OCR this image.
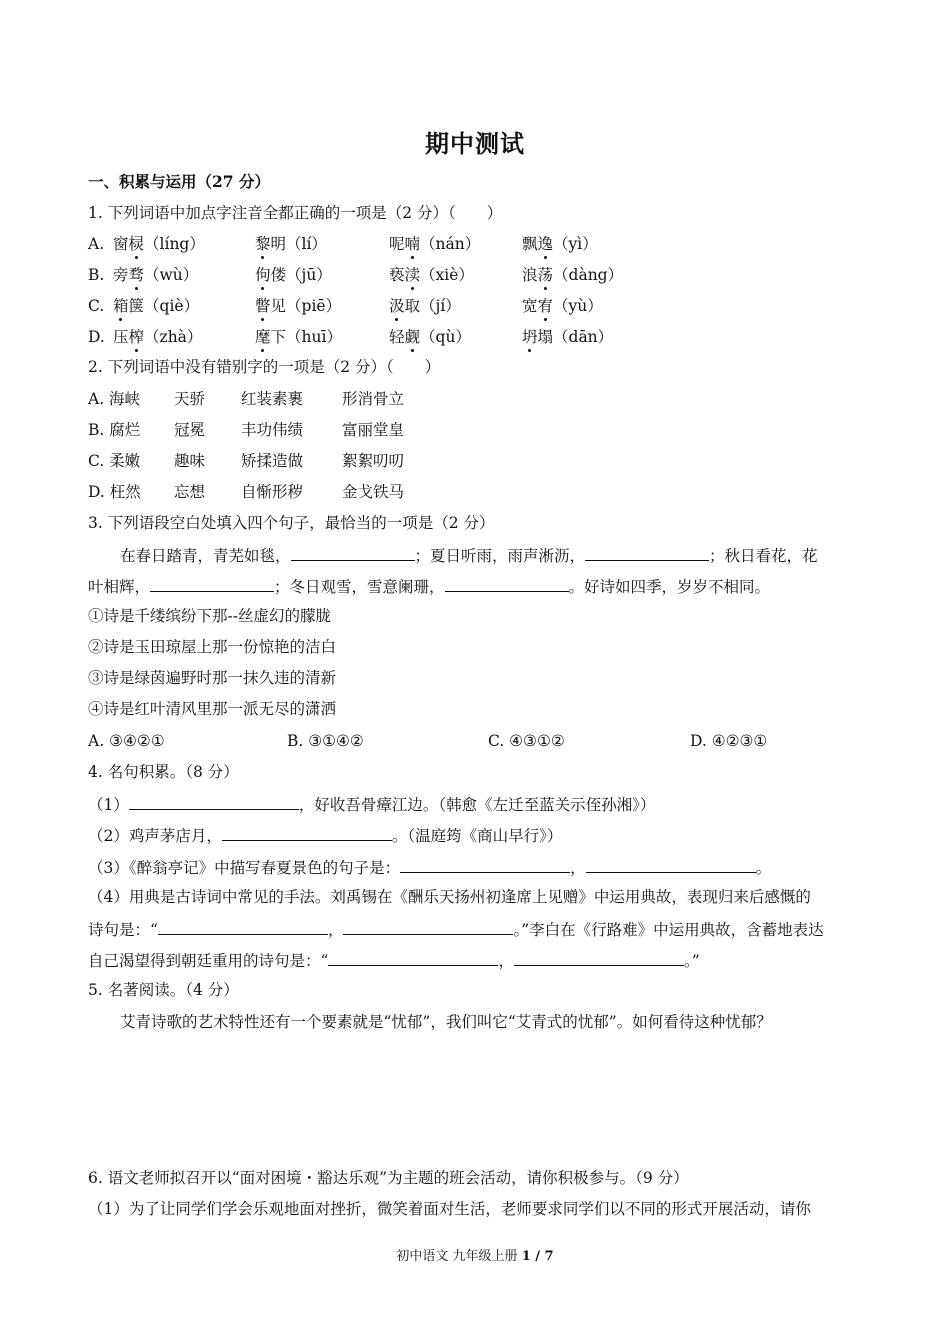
期中测试
一、积累与运用（27 分）
1. 下列词语中加点字注音全都正确的一项是（2 分）（　　）
A. 窗棂（líng）	黎明（lí）	呢喃（nán）	飘逸（yì）
B. 旁骛（wù）	佝偻（jū）	亵渎（xiè）	浪荡（dàng）
C. 箱箧（qiè）	瞥见（piē）	汲取（jí）	宽宥（yù）
D. 压榨（zhà）	麾下（huī）	轻觑（qù）	坍塌（dān）
2. 下列词语中没有错别字的一项是（2 分）（　　）
A. 海峡 天骄 红装素裹	形消骨立
B. 腐烂 冠冕 丰功伟绩	富丽堂皇
C. 柔嫩 趣味 矫揉造做	絮絮叨叨
D. 枉然 忘想 自惭形秽	金戈铁马
3. 下列语段空白处填入四个句子，最恰当的一项是（2 分）
在春日踏青，青芜如毯，	；夏日听雨，雨声淅沥，	；秋日看花，花
叶相辉，	；冬日观雪，雪意阑珊，	。好诗如四季，岁岁不相同。
①诗是千缕缤纷下那--丝虚幻的朦胧
②诗是玉田琼屋上那一份惊艳的洁白
③诗是绿茵遍野时那一抹久违的清新
④诗是红叶清风里那一派无尽的潇洒
A. ③④②①	B. ③①④②	C. ④③①②	D. ④②③①
4. 名句积累。（8 分）
（1）	，好收吾骨瘴江边。（韩愈《左迁至蓝关示侄孙湘》）
（2）鸡声茅店月，	。（温庭筠《商山早行》）
（3）《醉翁亭记》中描写春夏景色的句子是：	，	。
（4）用典是古诗词中常见的手法。刘禹锡在《酬乐天扬州初逢席上见赠》中运用典故，表现归来后感慨的
诗句是：“	，	。”李白在《行路难》中运用典故，含蓄地表达
自己渴望得到朝廷重用的诗句是：“	，	。”
5. 名著阅读。（4 分）
艾青诗歌的艺术特性还有一个要素就是“忧郁”，我们叫它“艾青式的忧郁”。如何看待这种忧郁？
6. 语文老师拟召开以“面对困境・豁达乐观”为主题的班会活动，请你积极参与。（9 分）
（1）为了让同学们学会乐观地面对挫折，微笑着面对生活，老师要求同学们以不同的形式开展活动，请你
初中语文 九年级上册 1 / 7
